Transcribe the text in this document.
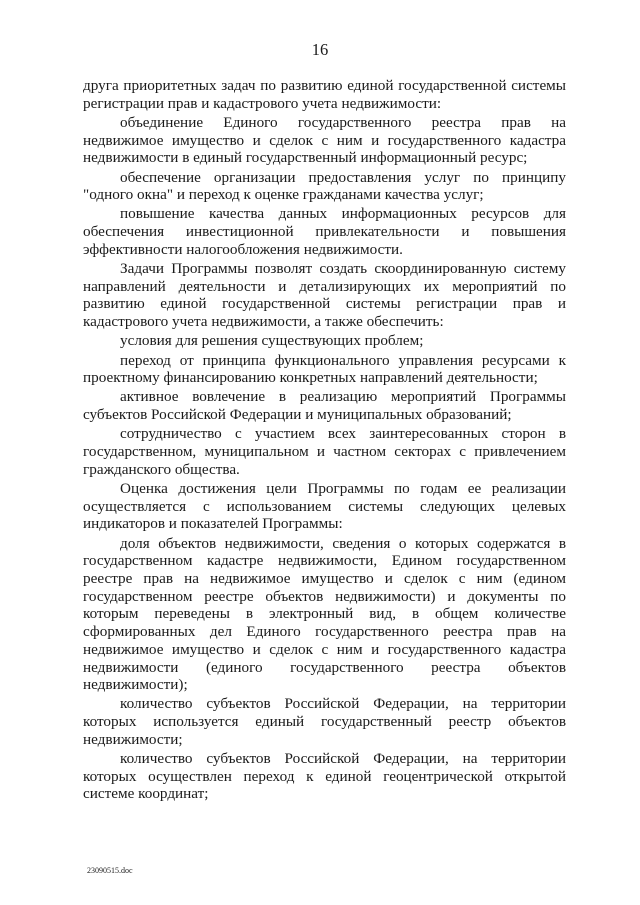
16

друга приоритетных задач по развитию единой государственной системы регистрации прав и кадастрового учета недвижимости:

объединение Единого государственного реестра прав на недвижимое имущество и сделок с ним и государственного кадастра недвижимости в единый государственный информационный ресурс;

обеспечение организации предоставления услуг по принципу "одного окна" и переход к оценке гражданами качества услуг;

повышение качества данных информационных ресурсов для обеспечения инвестиционной привлекательности и повышения эффективности налогообложения недвижимости.

Задачи Программы позволят создать скоординированную систему направлений деятельности и детализирующих их мероприятий по развитию единой государственной системы регистрации прав и кадастрового учета недвижимости, а также обеспечить:

условия для решения существующих проблем;

переход от принципа функционального управления ресурсами к проектному финансированию конкретных направлений деятельности;

активное вовлечение в реализацию мероприятий Программы субъектов Российской Федерации и муниципальных образований;

сотрудничество с участием всех заинтересованных сторон в государственном, муниципальном и частном секторах с привлечением гражданского общества.

Оценка достижения цели Программы по годам ее реализации осуществляется с использованием системы следующих целевых индикаторов и показателей Программы:

доля объектов недвижимости, сведения о которых содержатся в государственном кадастре недвижимости, Едином государственном реестре прав на недвижимое имущество и сделок с ним (едином государственном реестре объектов недвижимости) и документы по которым переведены в электронный вид, в общем количестве сформированных дел Единого государственного реестра прав на недвижимое имущество и сделок с ним и государственного кадастра недвижимости (единого государственного реестра объектов недвижимости);

количество субъектов Российской Федерации, на территории которых используется единый государственный реестр объектов недвижимости;

количество субъектов Российской Федерации, на территории которых осуществлен переход к единой геоцентрической открытой системе координат;

23090515.doc
